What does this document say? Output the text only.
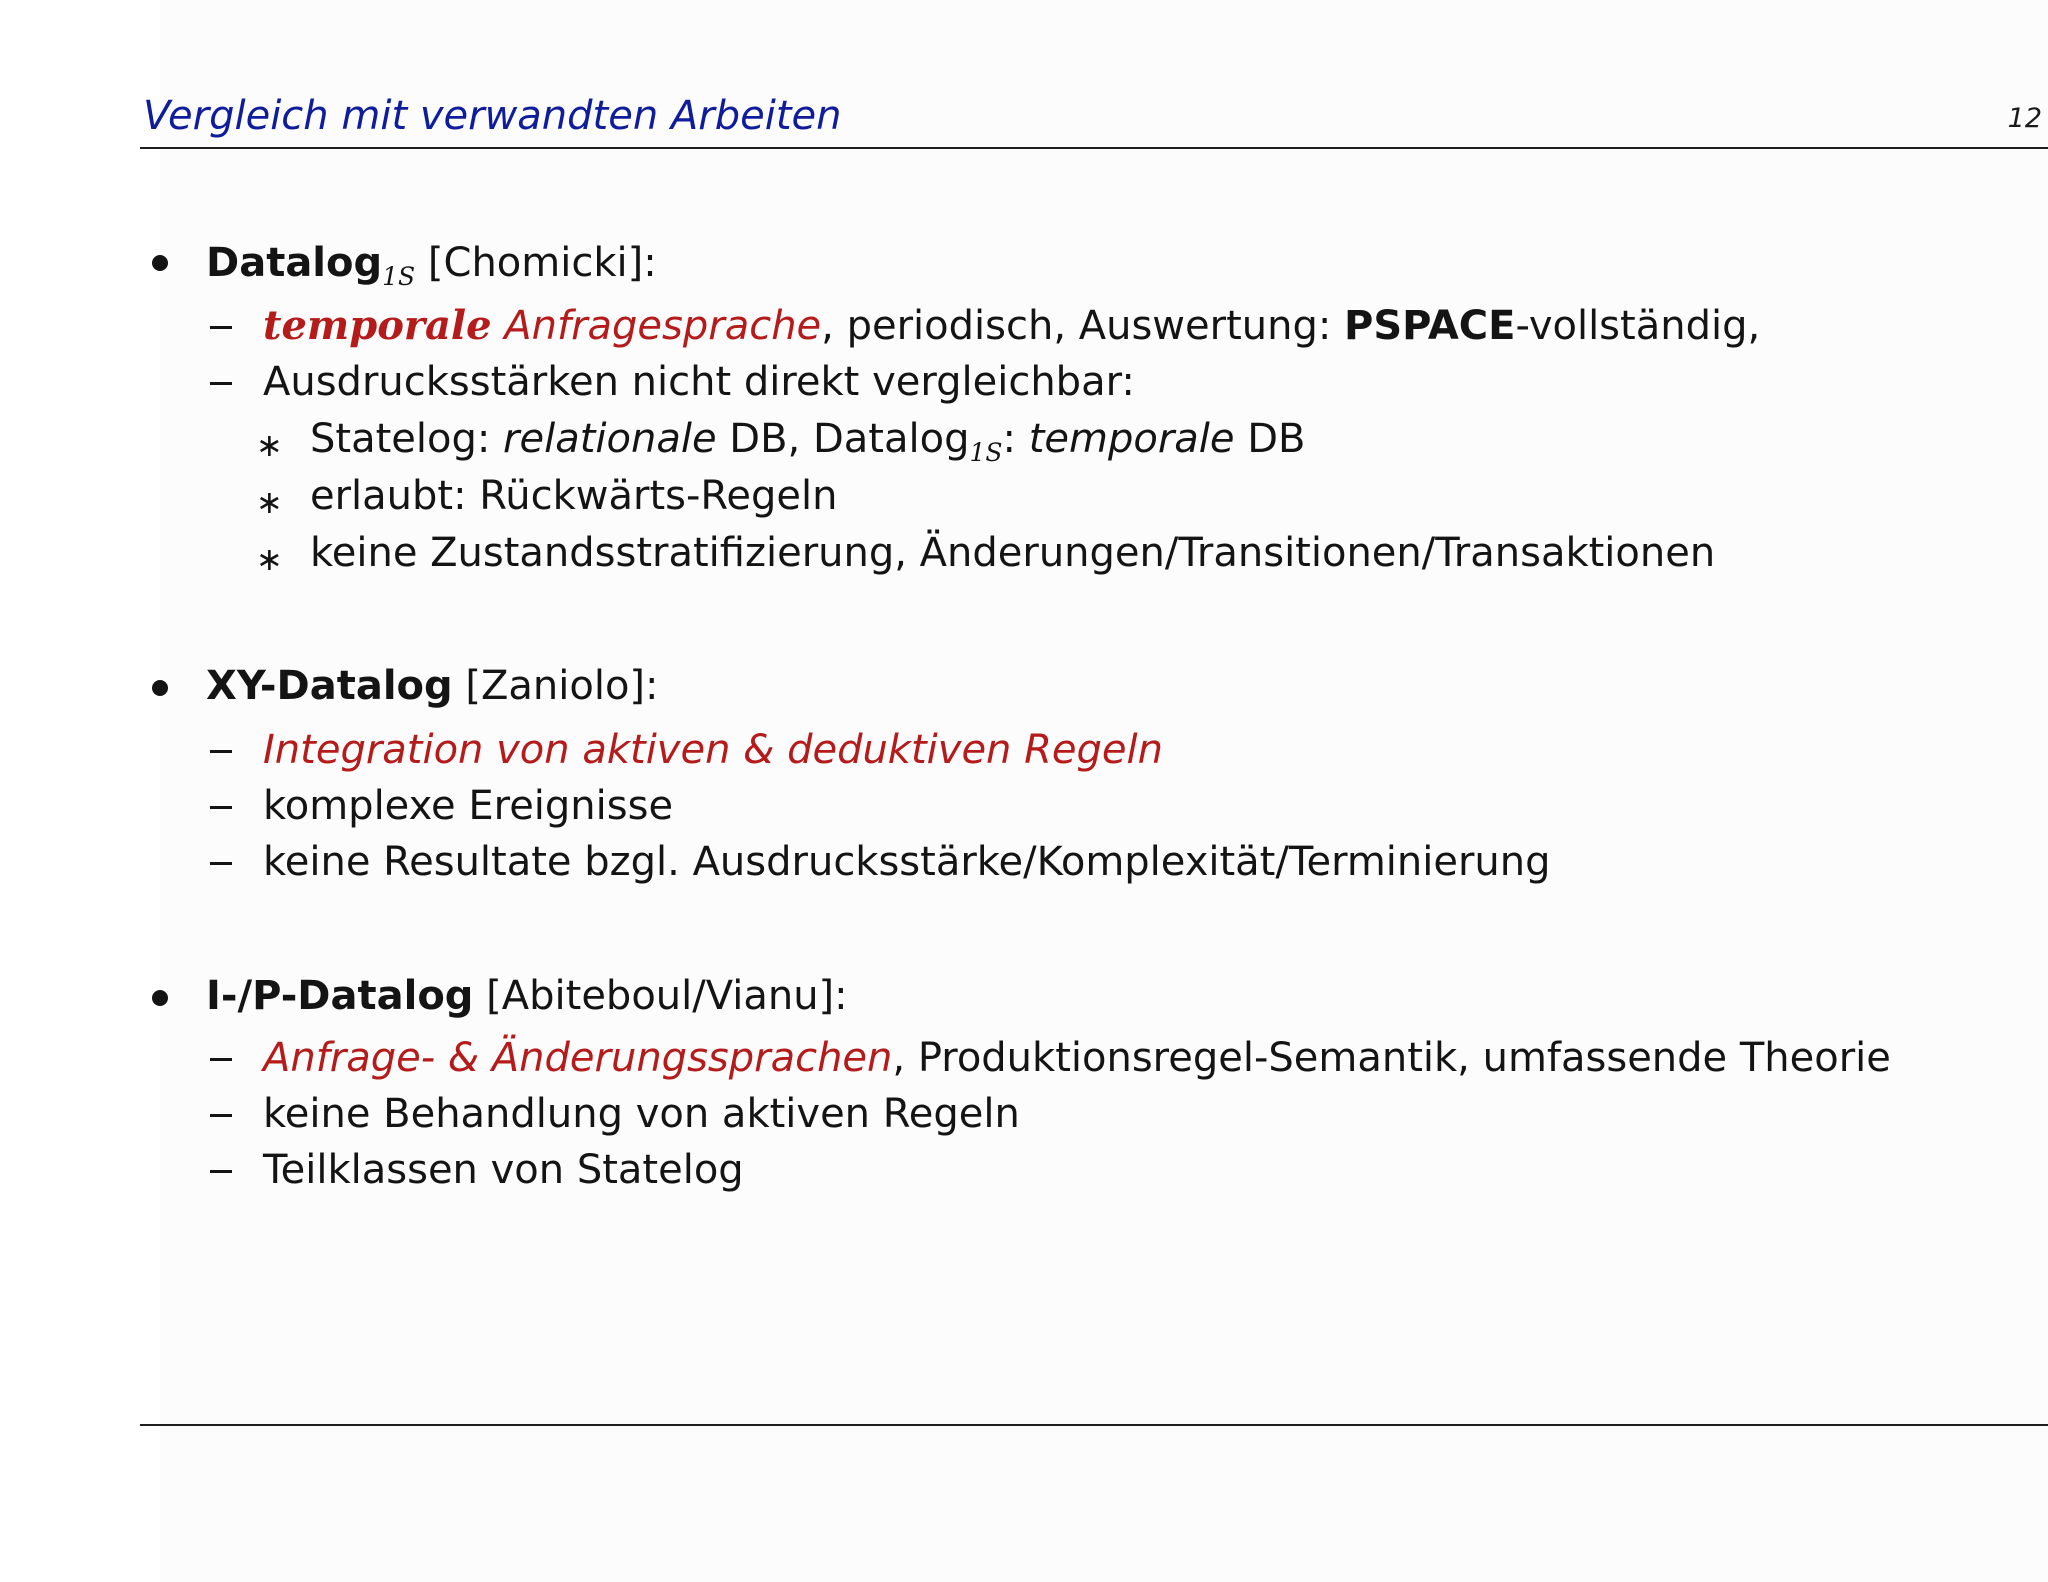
Vergleich mit verwandten Arbeiten	12
Datalog$_{1S}$ [Chomicki]:
temporale Anfragesprache, periodisch, Auswertung: PSPACE-vollständig,
Ausdrucksstärken nicht direkt vergleichbar:
∗ Statelog: relationale DB, Datalog$_{1S}$: temporale DB
∗ erlaubt: Rückwärts-Regeln
∗ keine Zustandsstratifizierung, Änderungen/Transitionen/Transaktionen
XY-Datalog [Zaniolo]:
Integration von aktiven & deduktiven Regeln
komplexe Ereignisse
keine Resultate bzgl. Ausdrucksstärke/Komplexität/Terminierung
I-/P-Datalog [Abiteboul/Vianu]:
Anfrage- & Änderungssprachen, Produktionsregel-Semantik, umfassende Theorie
keine Behandlung von aktiven Regeln
Teilklassen von Statelog
